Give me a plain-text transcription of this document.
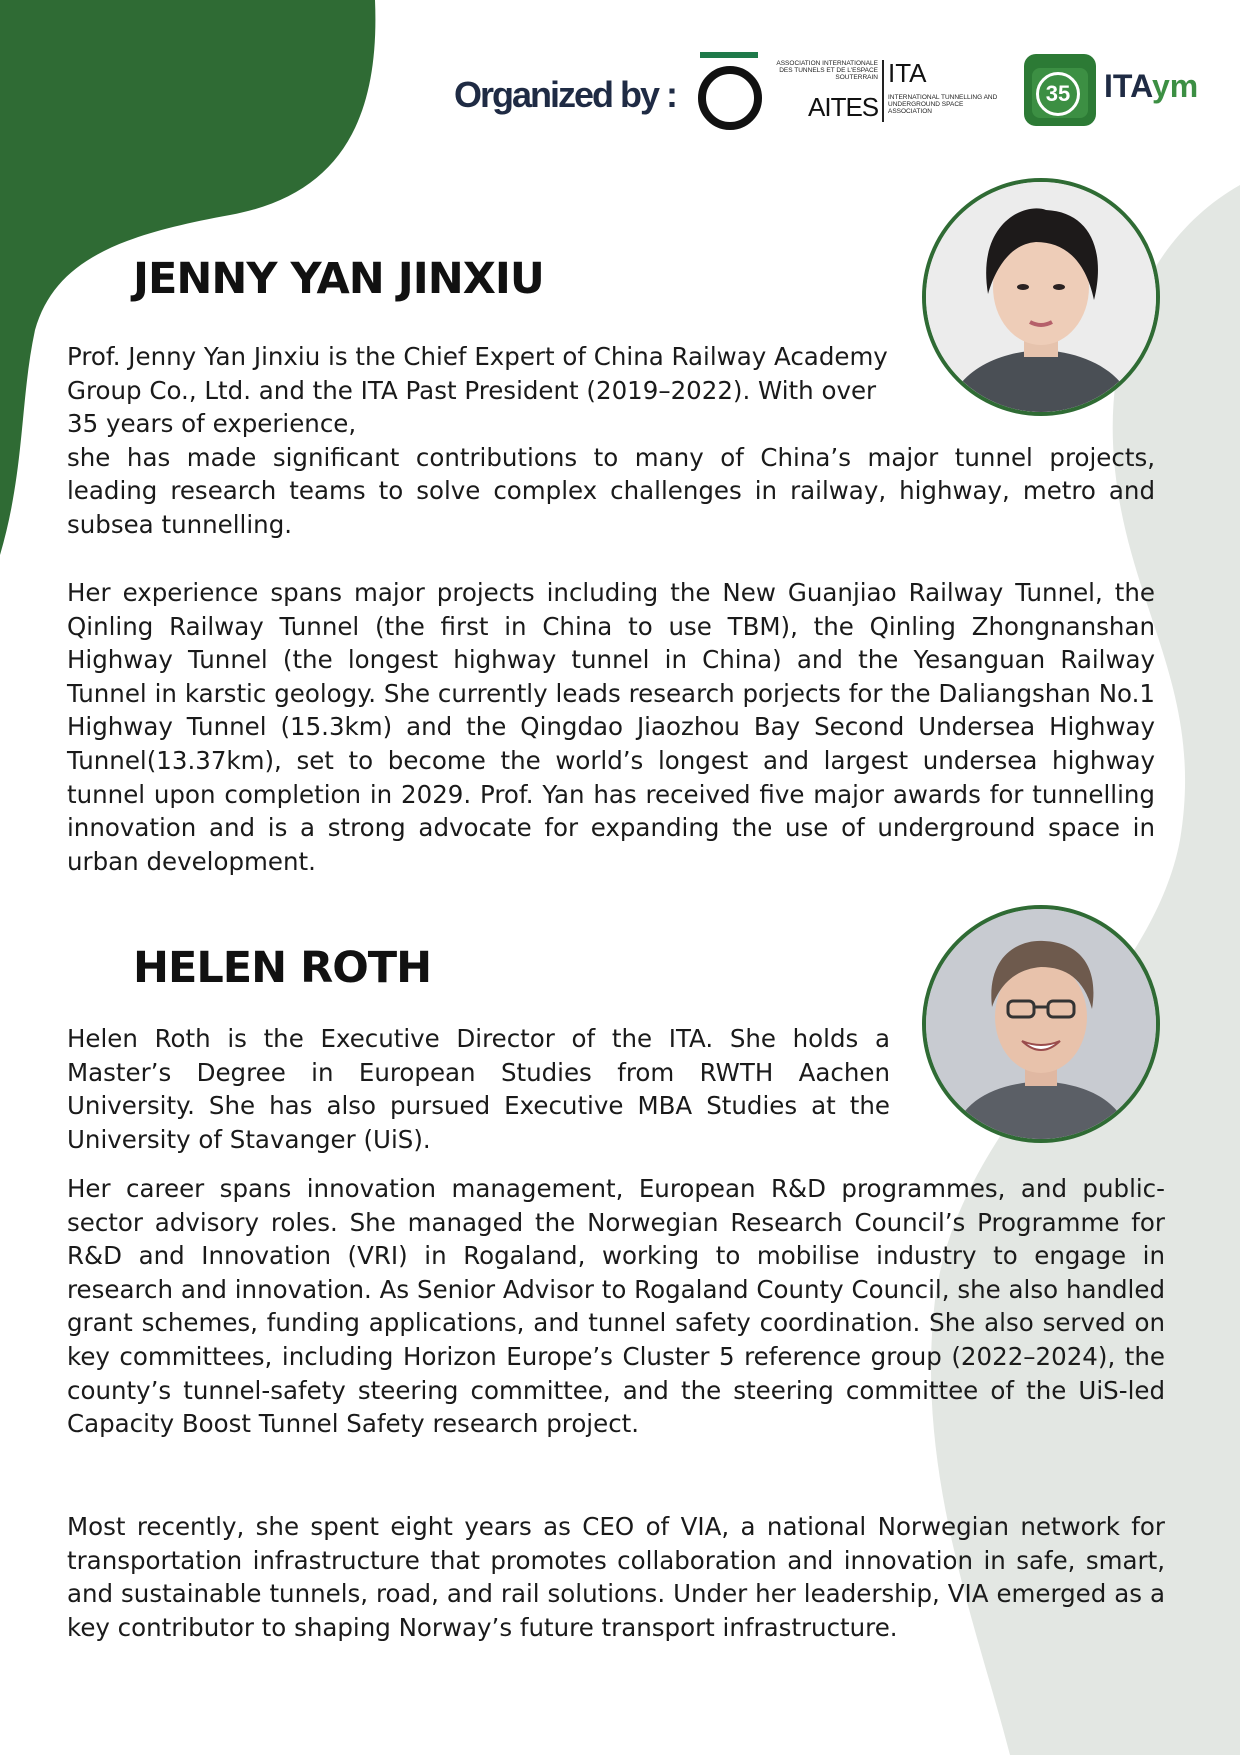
Organized by :
ASSOCIATION INTERNATIONALE DES TUNNELS ET DE L'ESPACE SOUTERRAIN
AITES
ITA
INTERNATIONAL TUNNELLING AND UNDERGROUND SPACE ASSOCIATION
35	ITAym
JENNY YAN JINXIU

Prof. Jenny Yan Jinxiu is the Chief Expert of China Railway Academy Group Co., Ltd. and the ITA Past President (2019–2022). With over 35 years of experience,
she has made significant contributions to many of China’s major tunnel projects, leading research teams to solve complex challenges in railway, highway, metro and subsea tunnelling.

Her experience spans major projects including the New Guanjiao Railway Tunnel, the Qinling Railway Tunnel (the first in China to use TBM), the Qinling Zhongnanshan Highway Tunnel (the longest highway tunnel in China) and the Yesanguan Railway Tunnel in karstic geology. She currently leads research porjects for the Daliangshan No.1 Highway Tunnel (15.3km) and the Qingdao Jiaozhou Bay Second Undersea Highway Tunnel(13.37km), set to become the world’s longest and largest undersea highway tunnel upon completion in 2029. Prof. Yan has received five major awards for tunnelling innovation and is a strong advocate for expanding the use of underground space in urban development.

HELEN ROTH

Helen Roth is the Executive Director of the ITA. She holds a Master’s Degree in European Studies from RWTH Aachen University. She has also pursued Executive MBA Studies at the University of Stavanger (UiS).

Her career spans innovation management, European R&D programmes, and public-sector advisory roles. She managed the Norwegian Research Council’s Programme for R&D and Innovation (VRI) in Rogaland, working to mobilise industry to engage in research and innovation. As Senior Advisor to Rogaland County Council, she also handled grant schemes, funding applications, and tunnel safety coordination. She also served on key committees, including Horizon Europe’s Cluster 5 reference group (2022–2024), the county’s tunnel-safety steering committee, and the steering committee of the UiS-led Capacity Boost Tunnel Safety research project.

Most recently, she spent eight years as CEO of VIA, a national Norwegian network for transportation infrastructure that promotes collaboration and innovation in safe, smart, and sustainable tunnels, road, and rail solutions. Under her leadership, VIA emerged as a key contributor to shaping Norway’s future transport infrastructure.
